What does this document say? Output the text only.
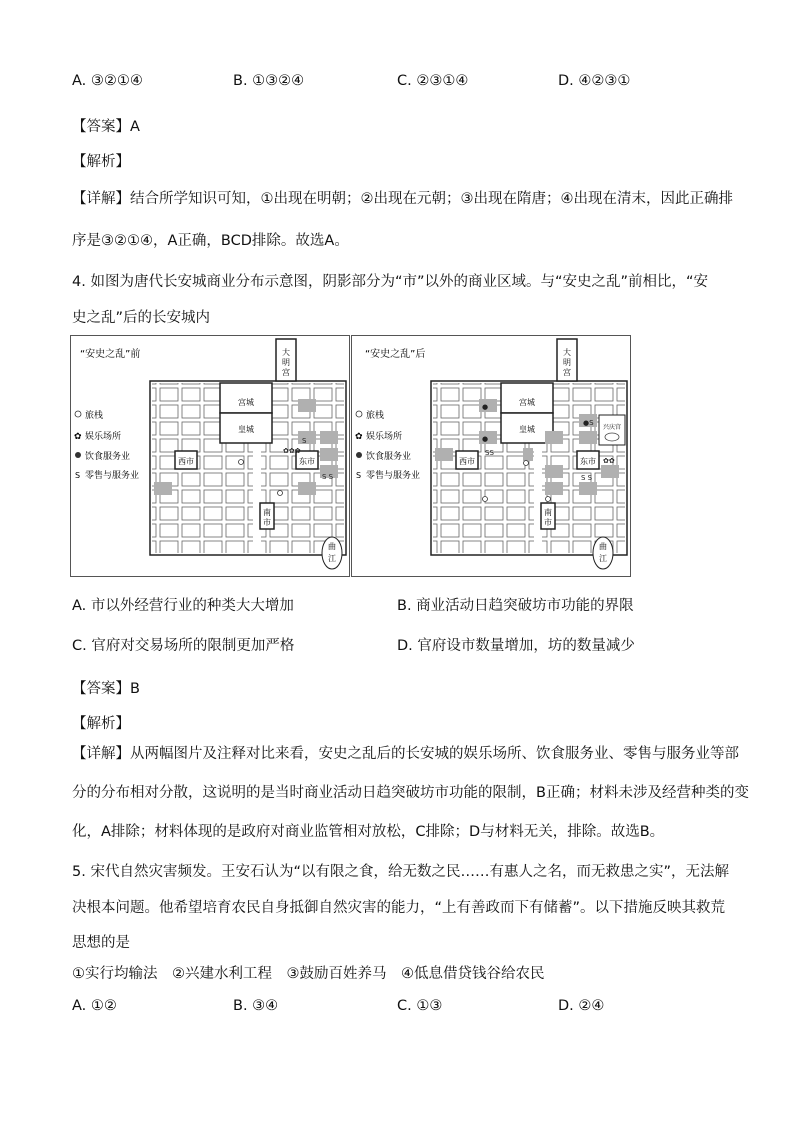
A. ③②①④	B. ①③②④	C. ②③①④	D. ④②③①
【答案】A
【解析】
【详解】结合所学知识可知，①出现在明朝；②出现在元朝；③出现在隋唐；④出现在清末，因此正确排
序是③②①④，A正确，BCD排除。故选A。
4. 如图为唐代长安城商业分布示意图，阴影部分为“市”以外的商业区域。与“安史之乱”前相比，“安
史之乱”后的长安城内
“安史之乱”前	大
明
宫
宫城
皇城
西市	东市
南
市
✿✿✿
S S
S
曲
江
旅栈
✿ 娱乐场所
饮食服务业
S 零售与服务业
“安史之乱”后	大
明
宫
宫城
皇城
西市	东市
南
市
兴庆宫
●
●
●S
✿✿
S S
SS
曲
江
旅栈
✿ 娱乐场所
饮食服务业
S 零售与服务业
A. 市以外经营行业的种类大大增加	B. 商业活动日趋突破坊市功能的界限
C. 官府对交易场所的限制更加严格	D. 官府设市数量增加，坊的数量减少
【答案】B
【解析】
【详解】从两幅图片及注释对比来看，安史之乱后的长安城的娱乐场所、饮食服务业、零售与服务业等部
分的分布相对分散，这说明的是当时商业活动日趋突破坊市功能的限制，B正确；材料未涉及经营种类的变
化，A排除；材料体现的是政府对商业监管相对放松，C排除；D与材料无关，排除。故选B。
5. 宋代自然灾害频发。王安石认为“以有限之食，给无数之民……有惠人之名，而无救患之实”，无法解
决根本问题。他希望培育农民自身抵御自然灾害的能力，“上有善政而下有储蓄”。以下措施反映其救荒
思想的是
①实行均输法　②兴建水利工程　③鼓励百姓养马　④低息借贷钱谷给农民
A. ①②	B. ③④	C. ①③	D. ②④
